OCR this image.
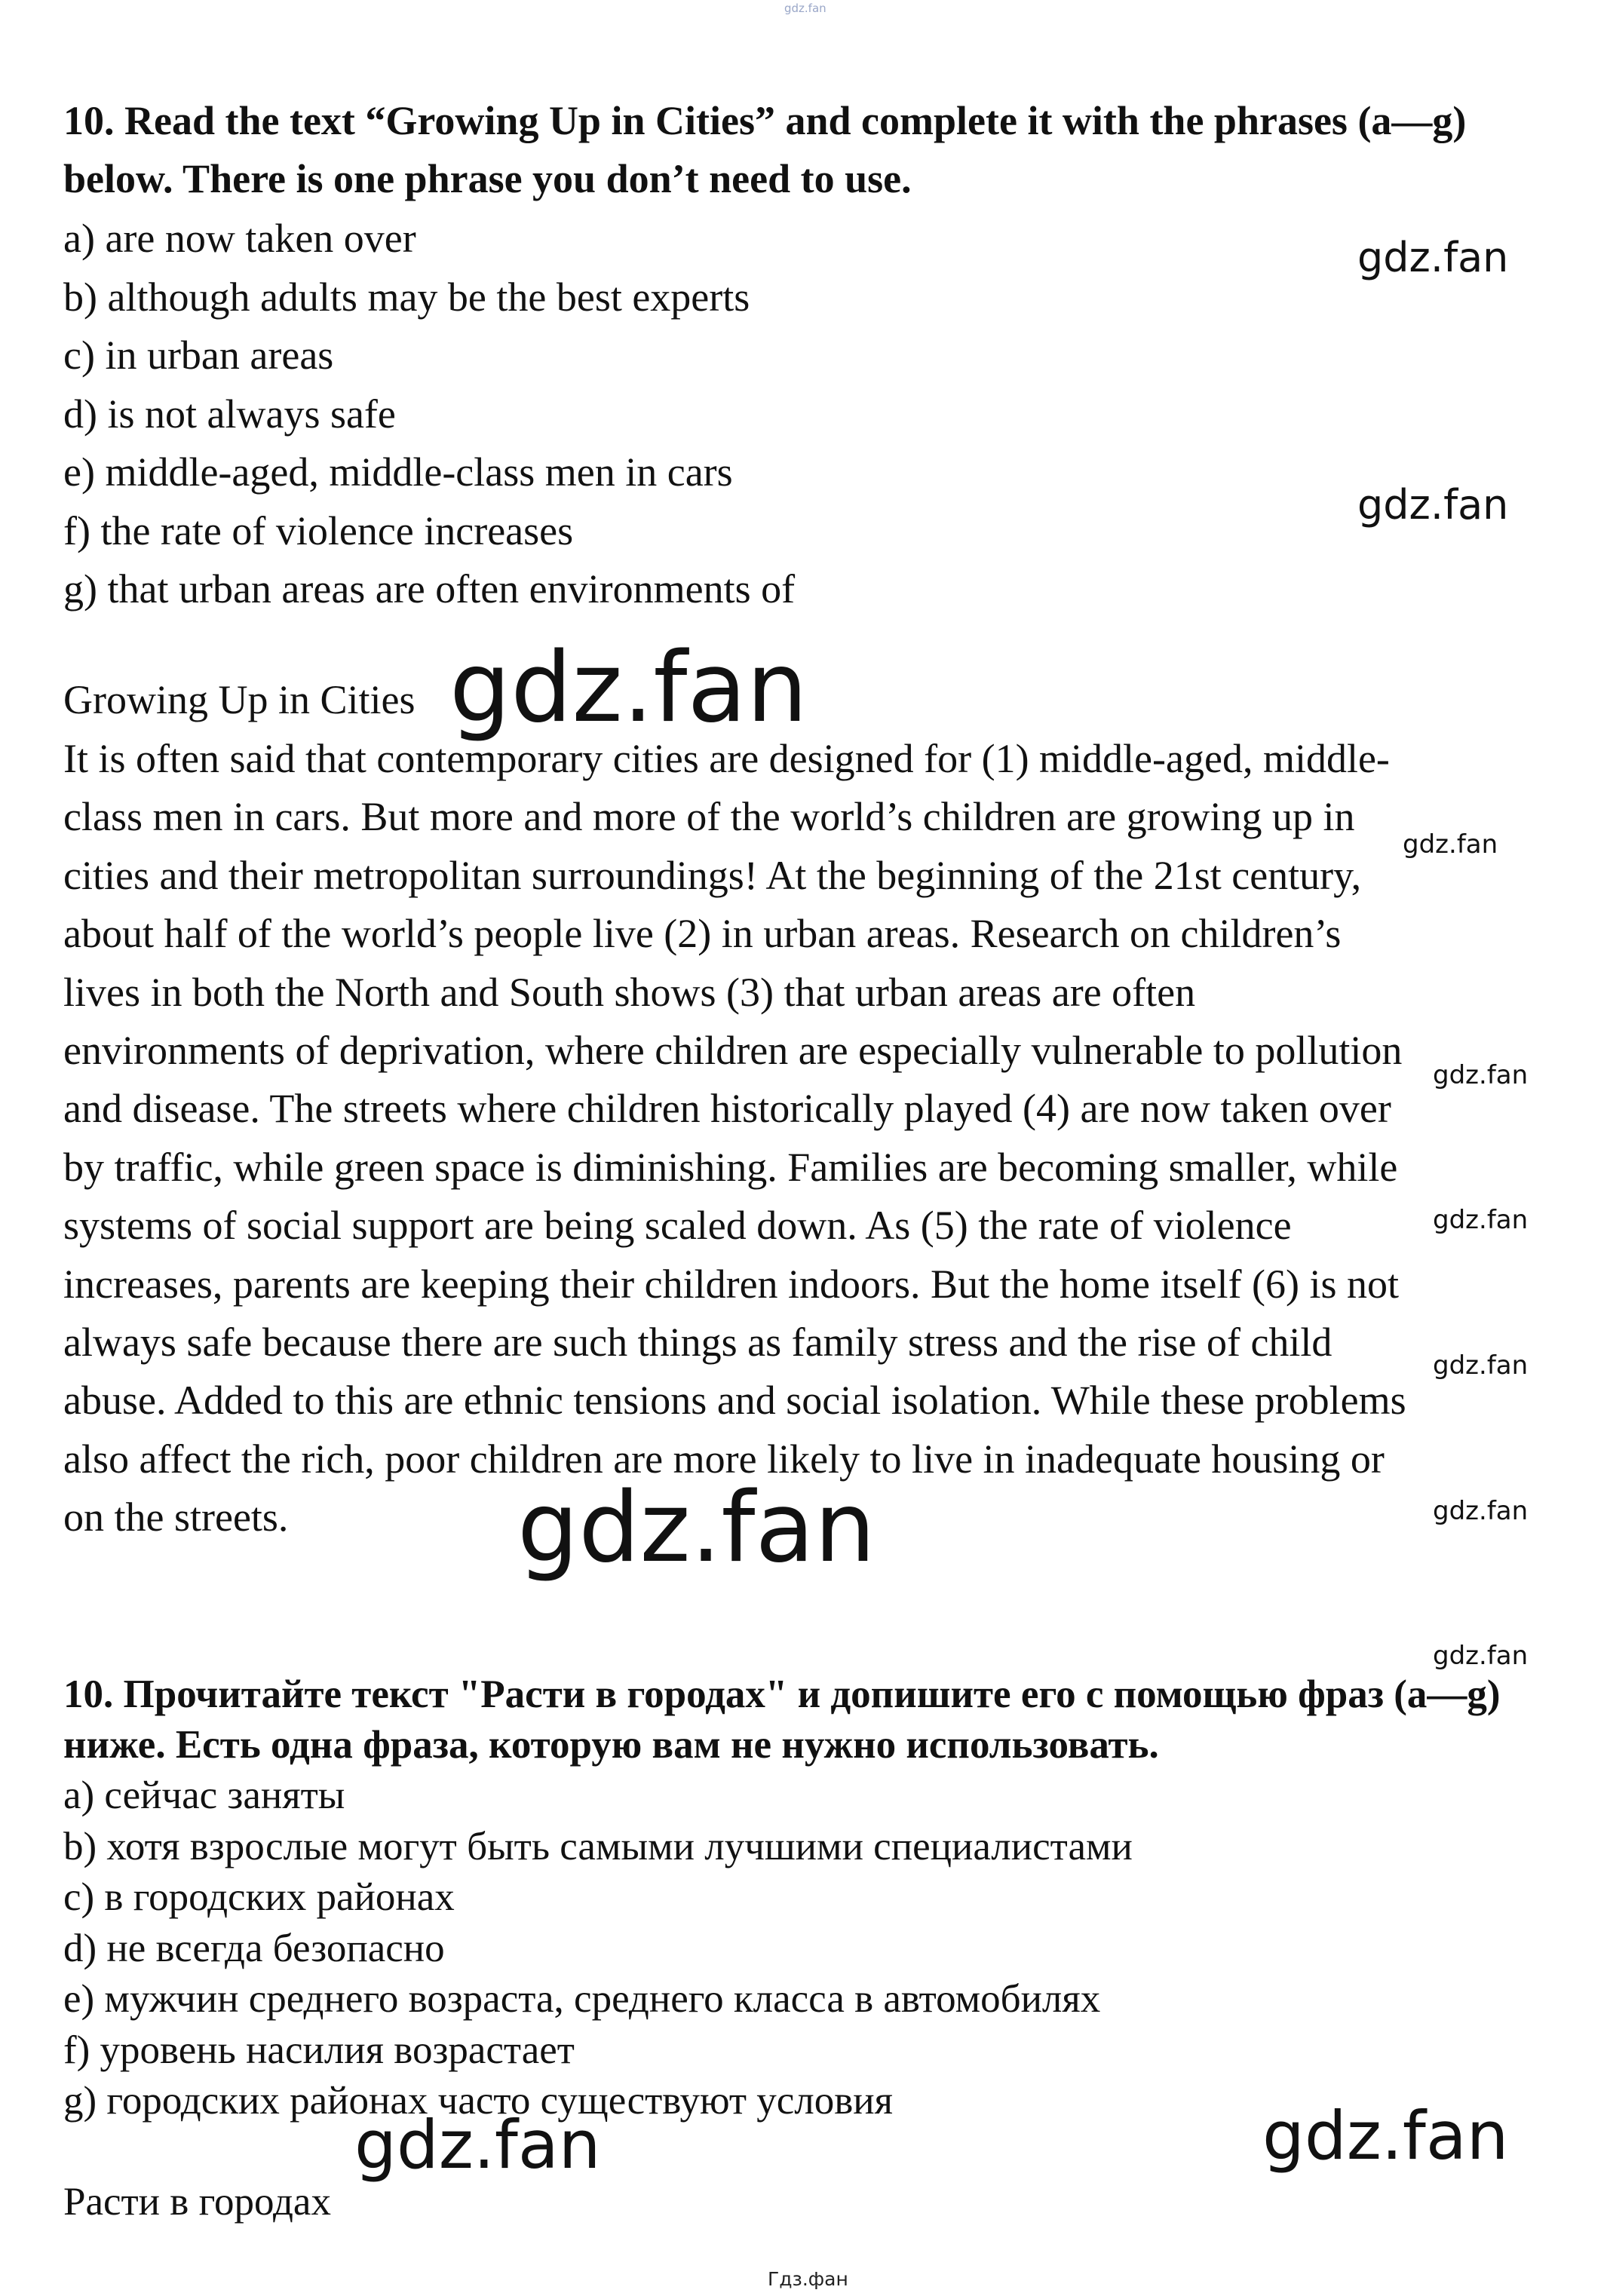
gdz.fan
10. Read the text “Growing Up in Cities” and complete it with the phrases (a—g) below. There is one phrase you don’t need to use.
a) are now taken over
b) although adults may be the best experts
c) in urban areas
d) is not always safe
e) middle-aged, middle-class men in cars
f) the rate of violence increases
g) that urban areas are often environments of
Growing Up in Cities
It is often said that contemporary cities are designed for (1) middle-aged, middle-
class men in cars. But more and more of the world’s children are growing up in
cities and their metropolitan surroundings! At the beginning of the 21st century,
about half of the world’s people live (2) in urban areas. Research on children’s
lives in both the North and South shows (3) that urban areas are often
environments of deprivation, where children are especially vulnerable to pollution
and disease. The streets where children historically played (4) are now taken over
by traffic, while green space is diminishing. Families are becoming smaller, while
systems of social support are being scaled down. As (5) the rate of violence
increases, parents are keeping their children indoors. But the home itself (6) is not
always safe because there are such things as family stress and the rise of child
abuse. Added to this are ethnic tensions and social isolation. While these problems
also affect the rich, poor children are more likely to live in inadequate housing or
on the streets.
10. Прочитайте текст "Расти в городах" и допишите его с помощью фраз (a—g) ниже. Есть одна фраза, которую вам не нужно использовать.
a) сейчас заняты
b) хотя взрослые могут быть самыми лучшими специалистами
c) в городских районах
d) не всегда безопасно
e) мужчин среднего возраста, среднего класса в автомобилях
f) уровень насилия возрастает
g) городских районах часто существуют условия
Расти в городах
gdz.fan
gdz.fan
gdz.fan
gdz.fan
gdz.fan
gdz.fan
gdz.fan
gdz.fan	gdz.fan
gdz.fan
gdz.fan	gdz.fan
Гдз.фан
